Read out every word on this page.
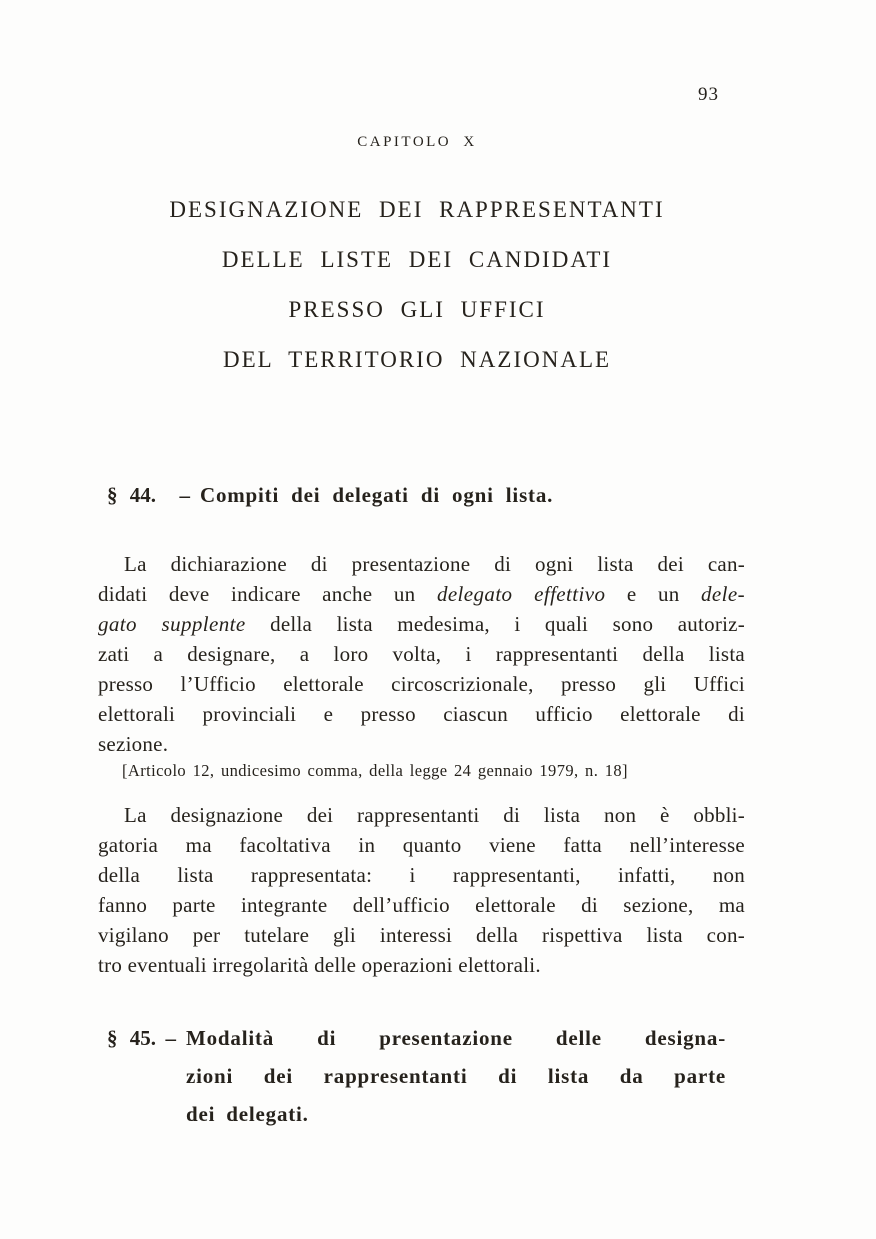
93
CAPITOLO X
DESIGNAZIONE DEI RAPPRESENTANTI
DELLE LISTE DEI CANDIDATI
PRESSO GLI UFFICI
DEL TERRITORIO NAZIONALE
§ 44. – Compiti dei delegati di ogni lista.
La dichiarazione di presentazione di ogni lista dei can-
didati deve indicare anche un delegato effettivo e un dele-
gato supplente della lista medesima, i quali sono autoriz-
zati a designare, a loro volta, i rappresentanti della lista
presso l’Ufficio elettorale circoscrizionale, presso gli Uffici
elettorali provinciali e presso ciascun ufficio elettorale di
sezione.
[Articolo 12, undicesimo comma, della legge 24 gennaio 1979, n. 18]
La designazione dei rappresentanti di lista non è obbli-
gatoria ma facoltativa in quanto viene fatta nell’interesse
della lista rappresentata: i rappresentanti, infatti, non
fanno parte integrante dell’ufficio elettorale di sezione, ma
vigilano per tutelare gli interessi della rispettiva lista con-
tro eventuali irregolarità delle operazioni elettorali.
§ 45. – Modalità di presentazione delle designa-
zioni dei rappresentanti di lista da parte
dei delegati.
